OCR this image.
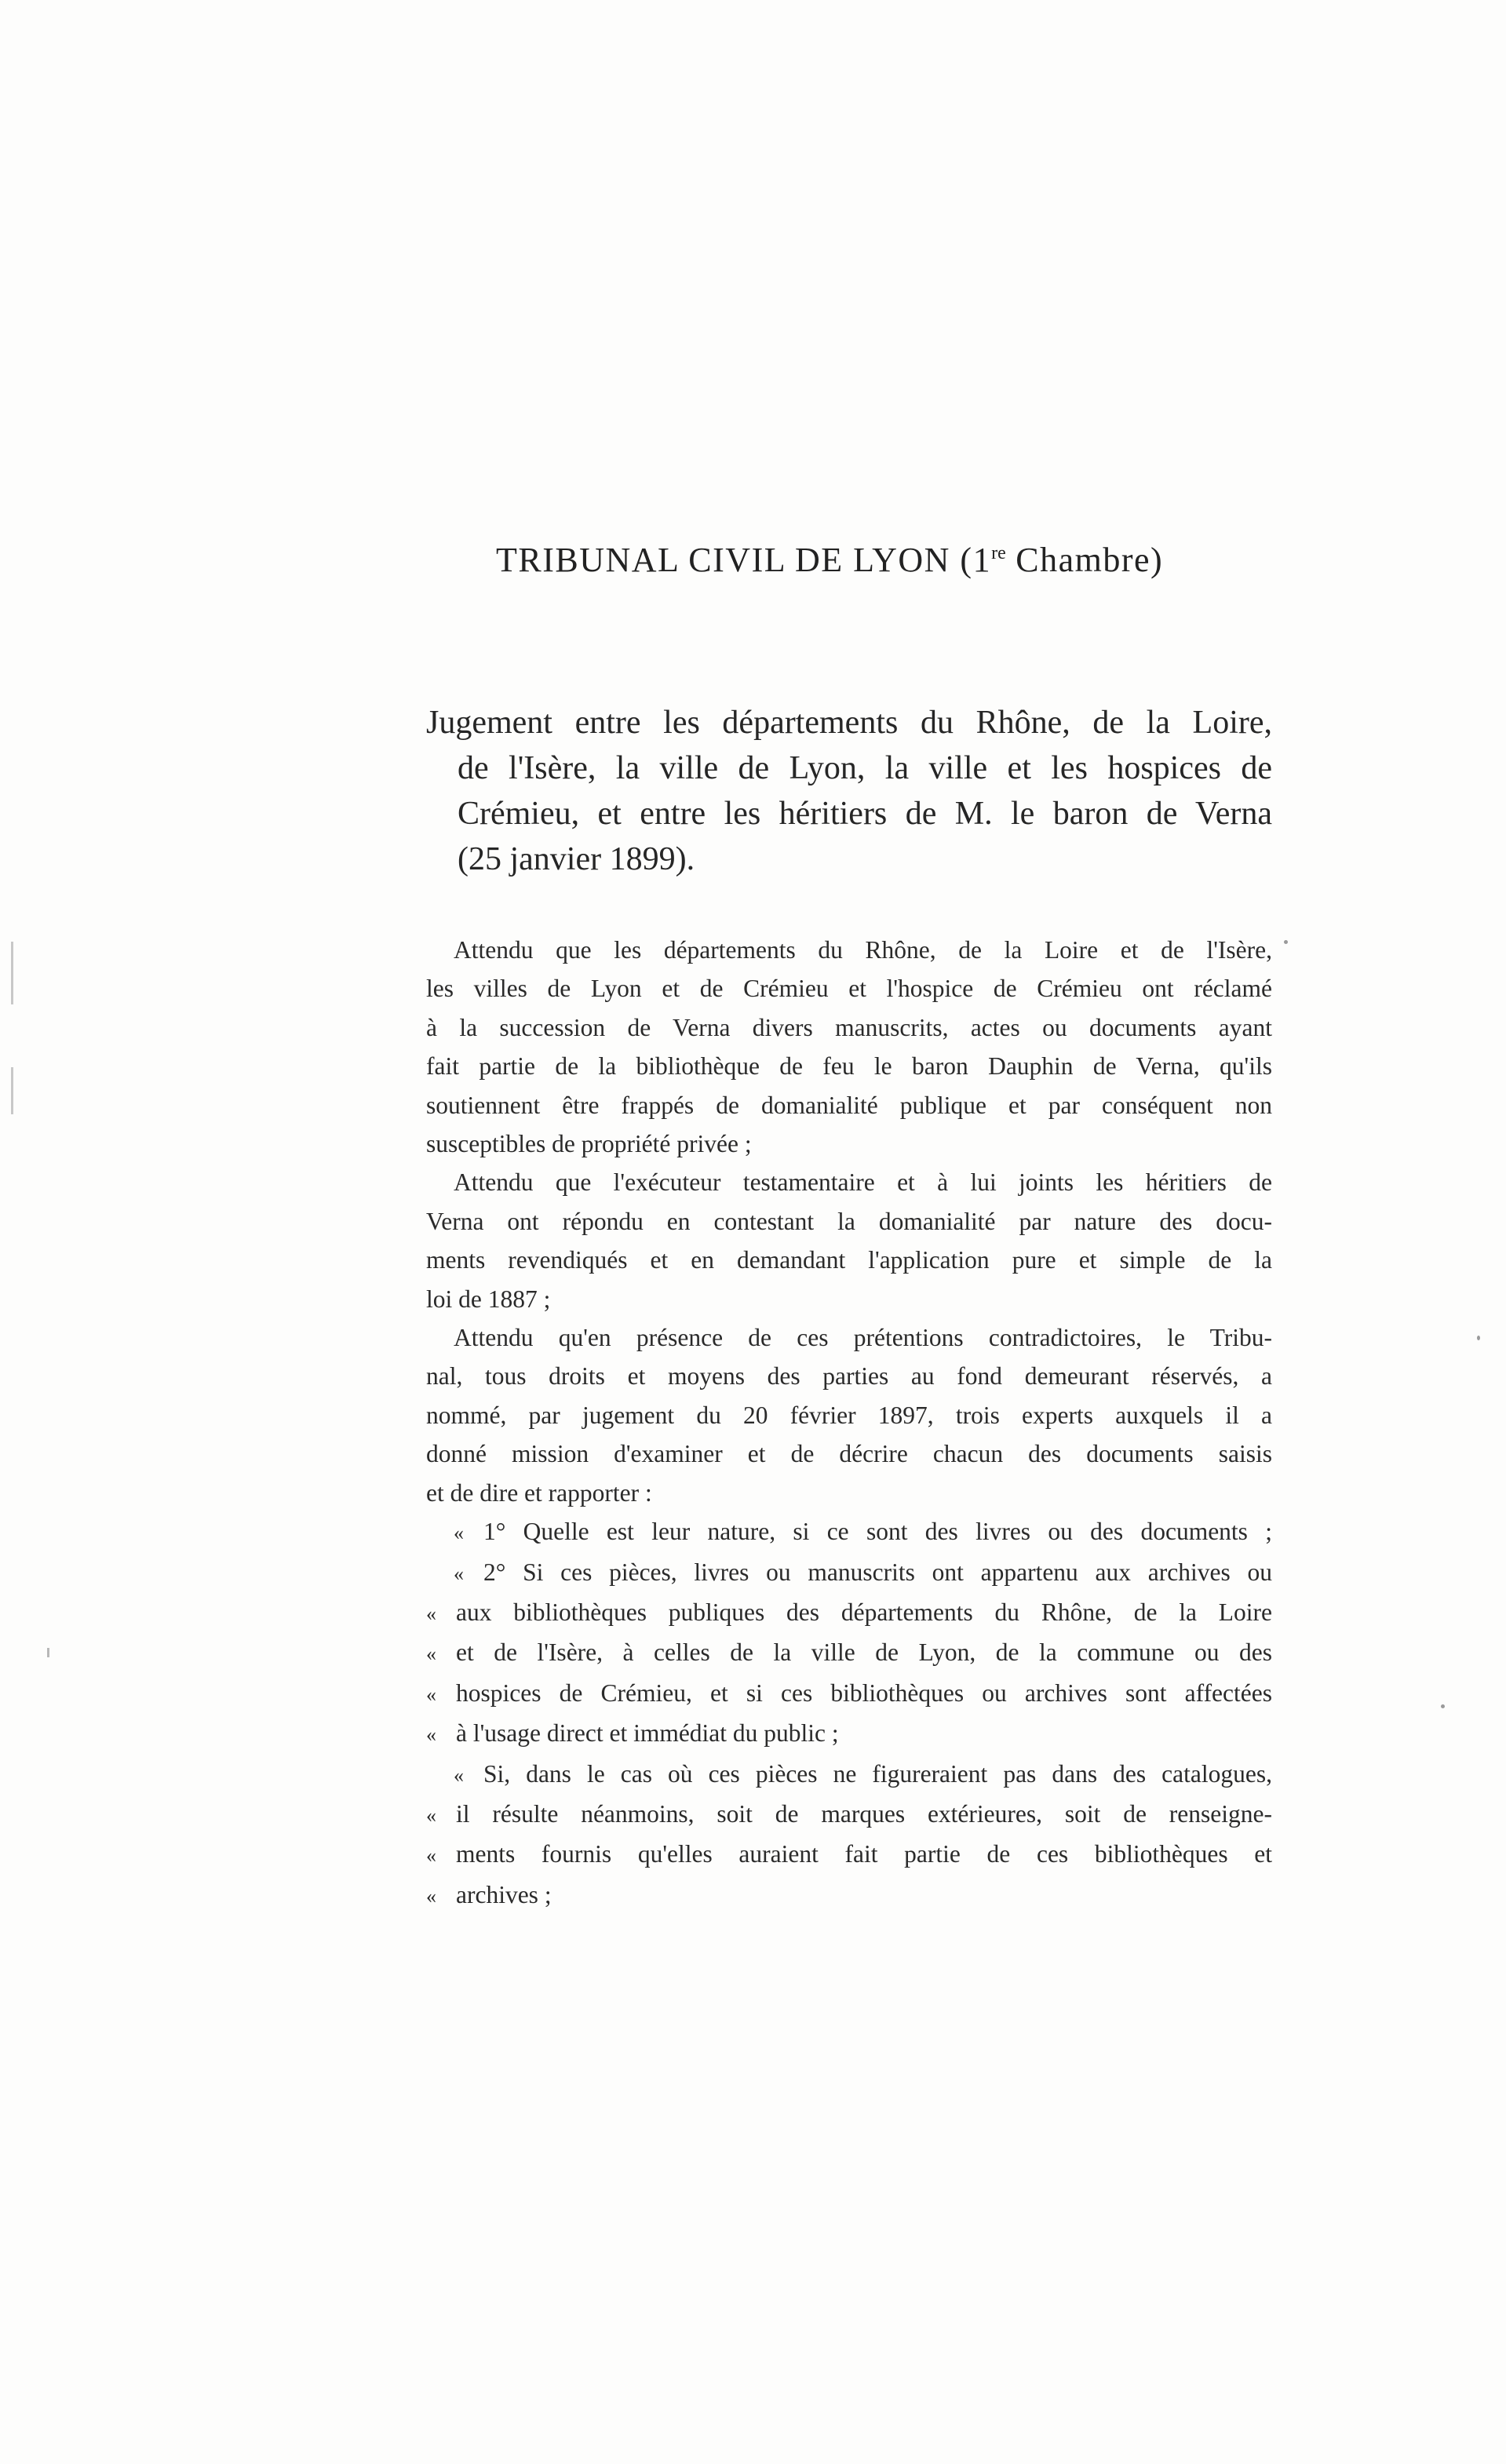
TRIBUNAL CIVIL DE LYON (1re Chambre)
Jugement entre les départements du Rhône, de la Loire,
de l'Isère, la ville de Lyon, la ville et les hospices de
Crémieu, et entre les héritiers de M. le baron de Verna
(25 janvier 1899).
Attendu que les départements du Rhône, de la Loire et de l'Isère,
les villes de Lyon et de Crémieu et l'hospice de Crémieu ont réclamé
à la succession de Verna divers manuscrits, actes ou documents ayant
fait partie de la bibliothèque de feu le baron Dauphin de Verna, qu'ils
soutiennent être frappés de domanialité publique et par conséquent non
susceptibles de propriété privée ;
Attendu que l'exécuteur testamentaire et à lui joints les héritiers de
Verna ont répondu en contestant la domanialité par nature des docu-
ments revendiqués et en demandant l'application pure et simple de la
loi de 1887 ;
Attendu qu'en présence de ces prétentions contradictoires, le Tribu-
nal, tous droits et moyens des parties au fond demeurant réservés, a
nommé, par jugement du 20 février 1897, trois experts auxquels il a
donné mission d'examiner et de décrire chacun des documents saisis
et de dire et rapporter :
« 1° Quelle est leur nature, si ce sont des livres ou des documents ;
« 2° Si ces pièces, livres ou manuscrits ont appartenu aux archives ou
« aux bibliothèques publiques des départements du Rhône, de la Loire
« et de l'Isère, à celles de la ville de Lyon, de la commune ou des
« hospices de Crémieu, et si ces bibliothèques ou archives sont affectées
« à l'usage direct et immédiat du public ;
« Si, dans le cas où ces pièces ne figureraient pas dans des catalogues,
« il résulte néanmoins, soit de marques extérieures, soit de renseigne-
« ments fournis qu'elles auraient fait partie de ces bibliothèques et
« archives ;
